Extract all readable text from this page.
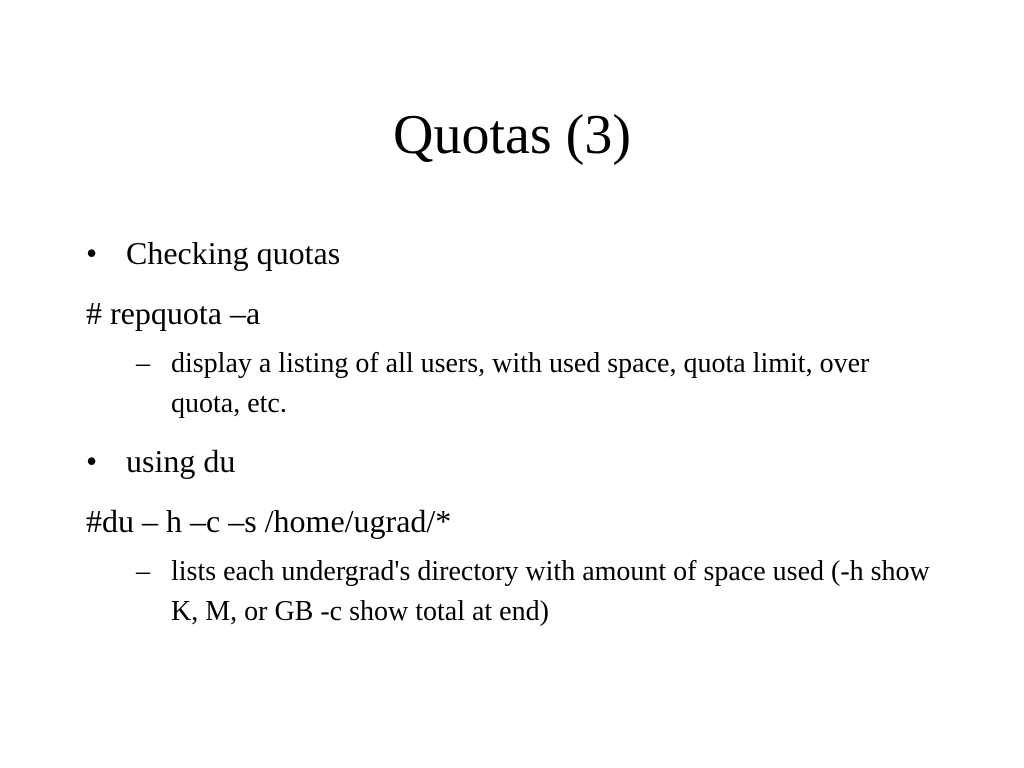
Quotas (3)
• Checking quotas
# repquota –a
– display a listing of all users, with used space, quota limit, over quota, etc.
• using du
#du – h –c –s /home/ugrad/*
– lists each undergrad's directory with amount of space used (-h show K, M, or GB -c show total at end)
